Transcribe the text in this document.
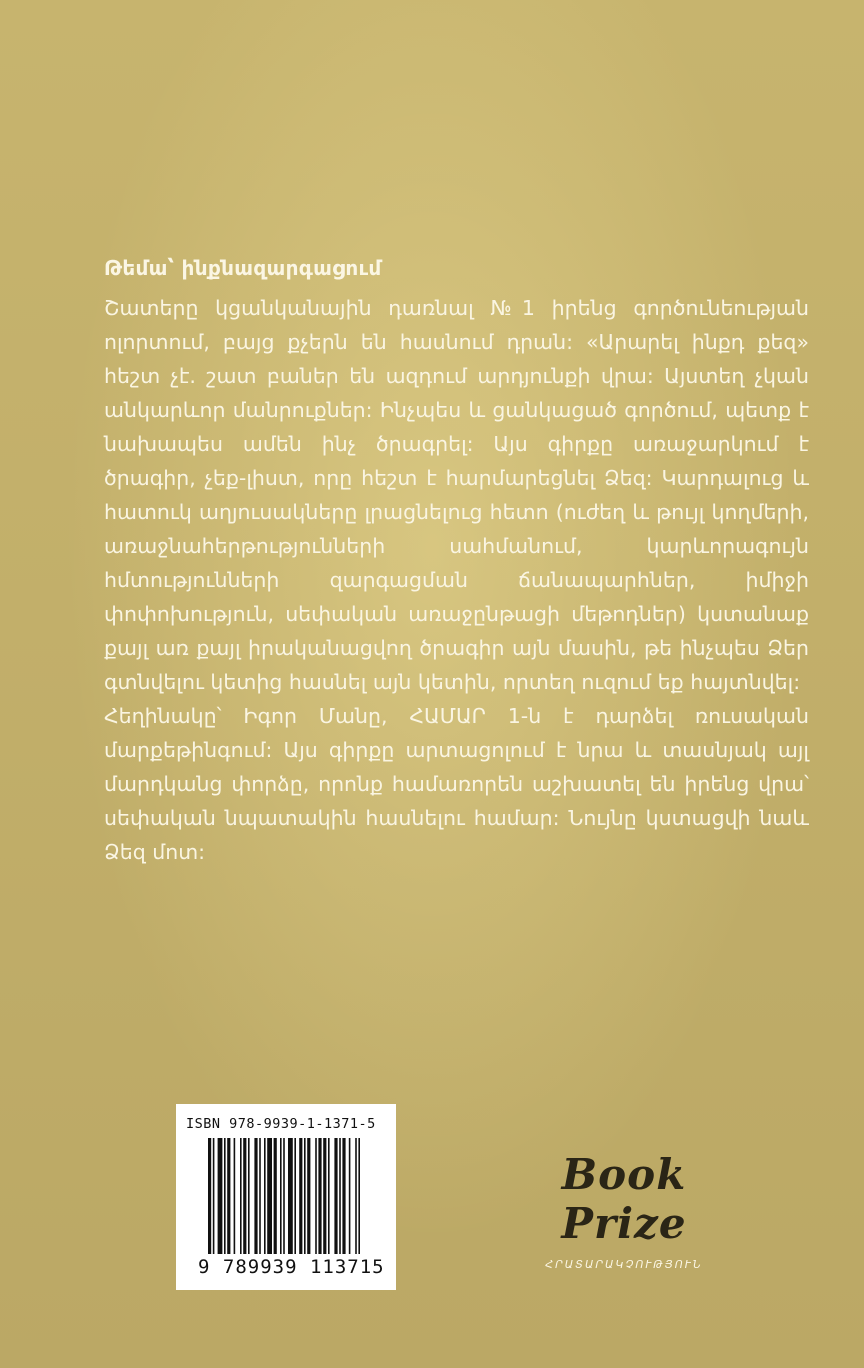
Թեմա՝ ինքնազարգացում

Շատերը կցանկանային դառնալ №1 իրենց գործունեության ոլորտում, բայց քչերն են հասնում դրան: «Արարել ինքդ քեզ» հեշտ չէ. շատ բաներ են ազդում արդյունքի վրա: Այստեղ չկան անկարևոր մանրուքներ: Ինչպես և ցանկացած գործում, պետք է նախապես ամեն ինչ ծրագրել: Այս գիրքը առաջարկում է ծրագիր, չեք-լիստ, որը հեշտ է հարմարեցնել Ձեզ: Կարդալուց և հատուկ աղյուսակները լրացնելուց հետո (ուժեղ և թույլ կողմերի, առաջնահերթությունների սահմանում, կարևորագույն հմտությունների զարգացման ճանապարհներ, իմիջի փոփոխություն, սեփական առաջընթացի մեթոդներ) կստանաք քայլ առ քայլ իրականացվող ծրագիր այն մասին, թե ինչպես Ձեր գտնվելու կետից հասնել այն կետին, որտեղ ուզում եք հայտնվել:

Հեղինակը՝ Իգոր Մանը, ՀԱՄԱՐ 1-ն է դարձել ռուսական մարքեթինգում: Այս գիրքը արտացոլում է նրա և տասնյակ այլ մարդկանց փորձը, որոնք համառորեն աշխատել են իրենց վրա՝ սեփական նպատակին հասնելու համար: Նույնը կստացվի նաև Ձեզ մոտ:

ISBN 978-9939-1-1371-5

9 789939 113715

Book Prize
ՀՐԱՏԱՐԱԿՉՈՒԹՅՈՒՆ
